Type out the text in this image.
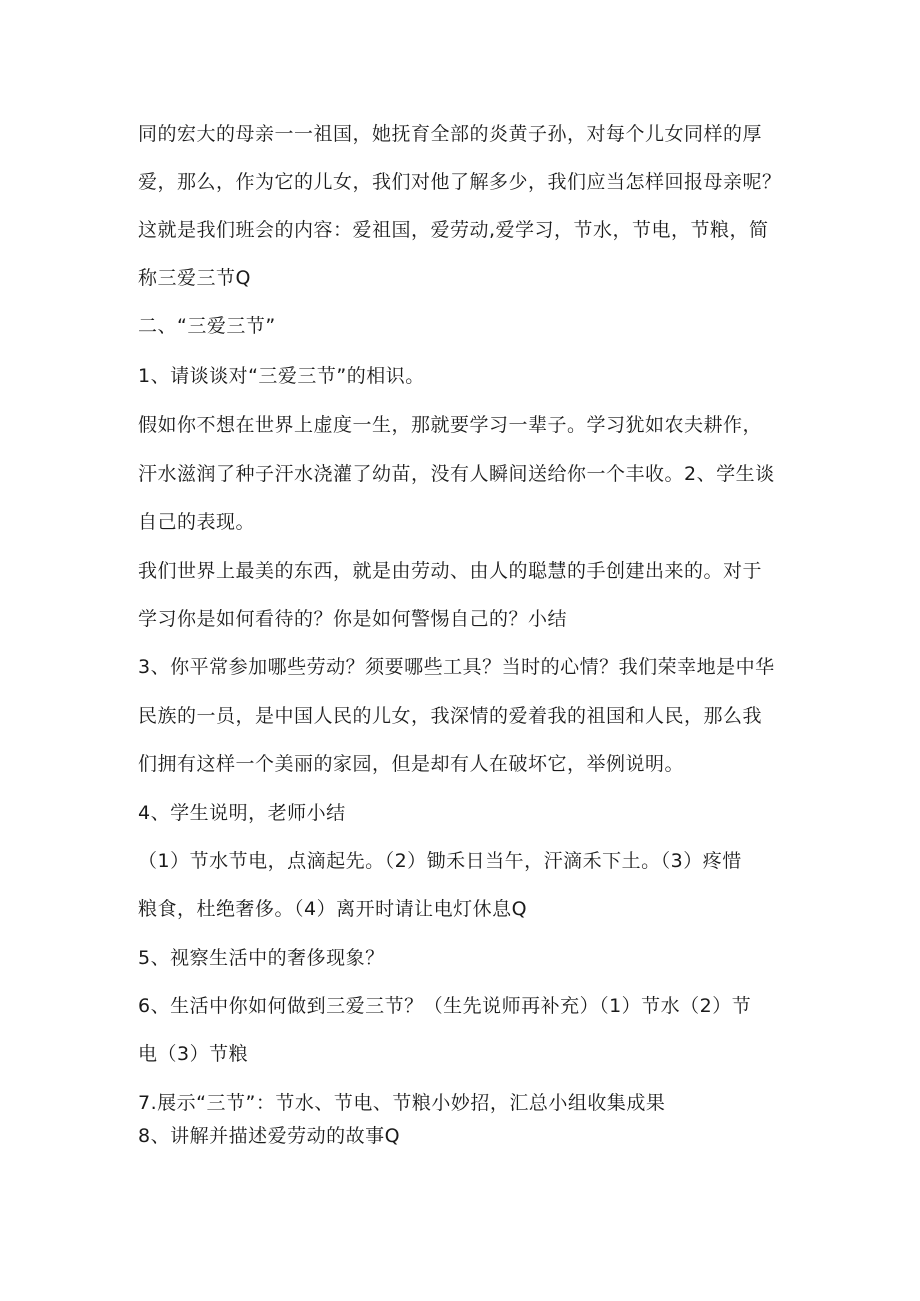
同的宏大的母亲一一祖国，她抚育全部的炎黄子孙，对每个儿女同样的厚
爱，那么，作为它的儿女，我们对他了解多少，我们应当怎样回报母亲呢？
这就是我们班会的内容：爱祖国，爱劳动,爱学习，节水，节电，节粮，简
称三爱三节Q
二、“三爱三节”
1、请谈谈对“三爱三节”的相识。
假如你不想在世界上虚度一生，那就要学习一辈子。学习犹如农夫耕作，
汗水滋润了种子汗水浇灌了幼苗，没有人瞬间送给你一个丰收。2、学生谈
自己的表现。
我们世界上最美的东西，就是由劳动、由人的聪慧的手创建出来的。对于
学习你是如何看待的？你是如何警惕自己的？小结
3、你平常参加哪些劳动？须要哪些工具？当时的心情？我们荣幸地是中华
民族的一员，是中国人民的儿女，我深情的爱着我的祖国和人民，那么我
们拥有这样一个美丽的家园，但是却有人在破坏它，举例说明。
4、学生说明，老师小结
（1）节水节电，点滴起先。（2）锄禾日当午，汗滴禾下土。（3）疼惜
粮食，杜绝奢侈。（4）离开时请让电灯休息Q
5、视察生活中的奢侈现象？
6、生活中你如何做到三爱三节？（生先说师再补充）（1）节水（2）节
电（3）节粮
7.展示“三节”：节水、节电、节粮小妙招，汇总小组收集成果
8、讲解并描述爱劳动的故事Q
